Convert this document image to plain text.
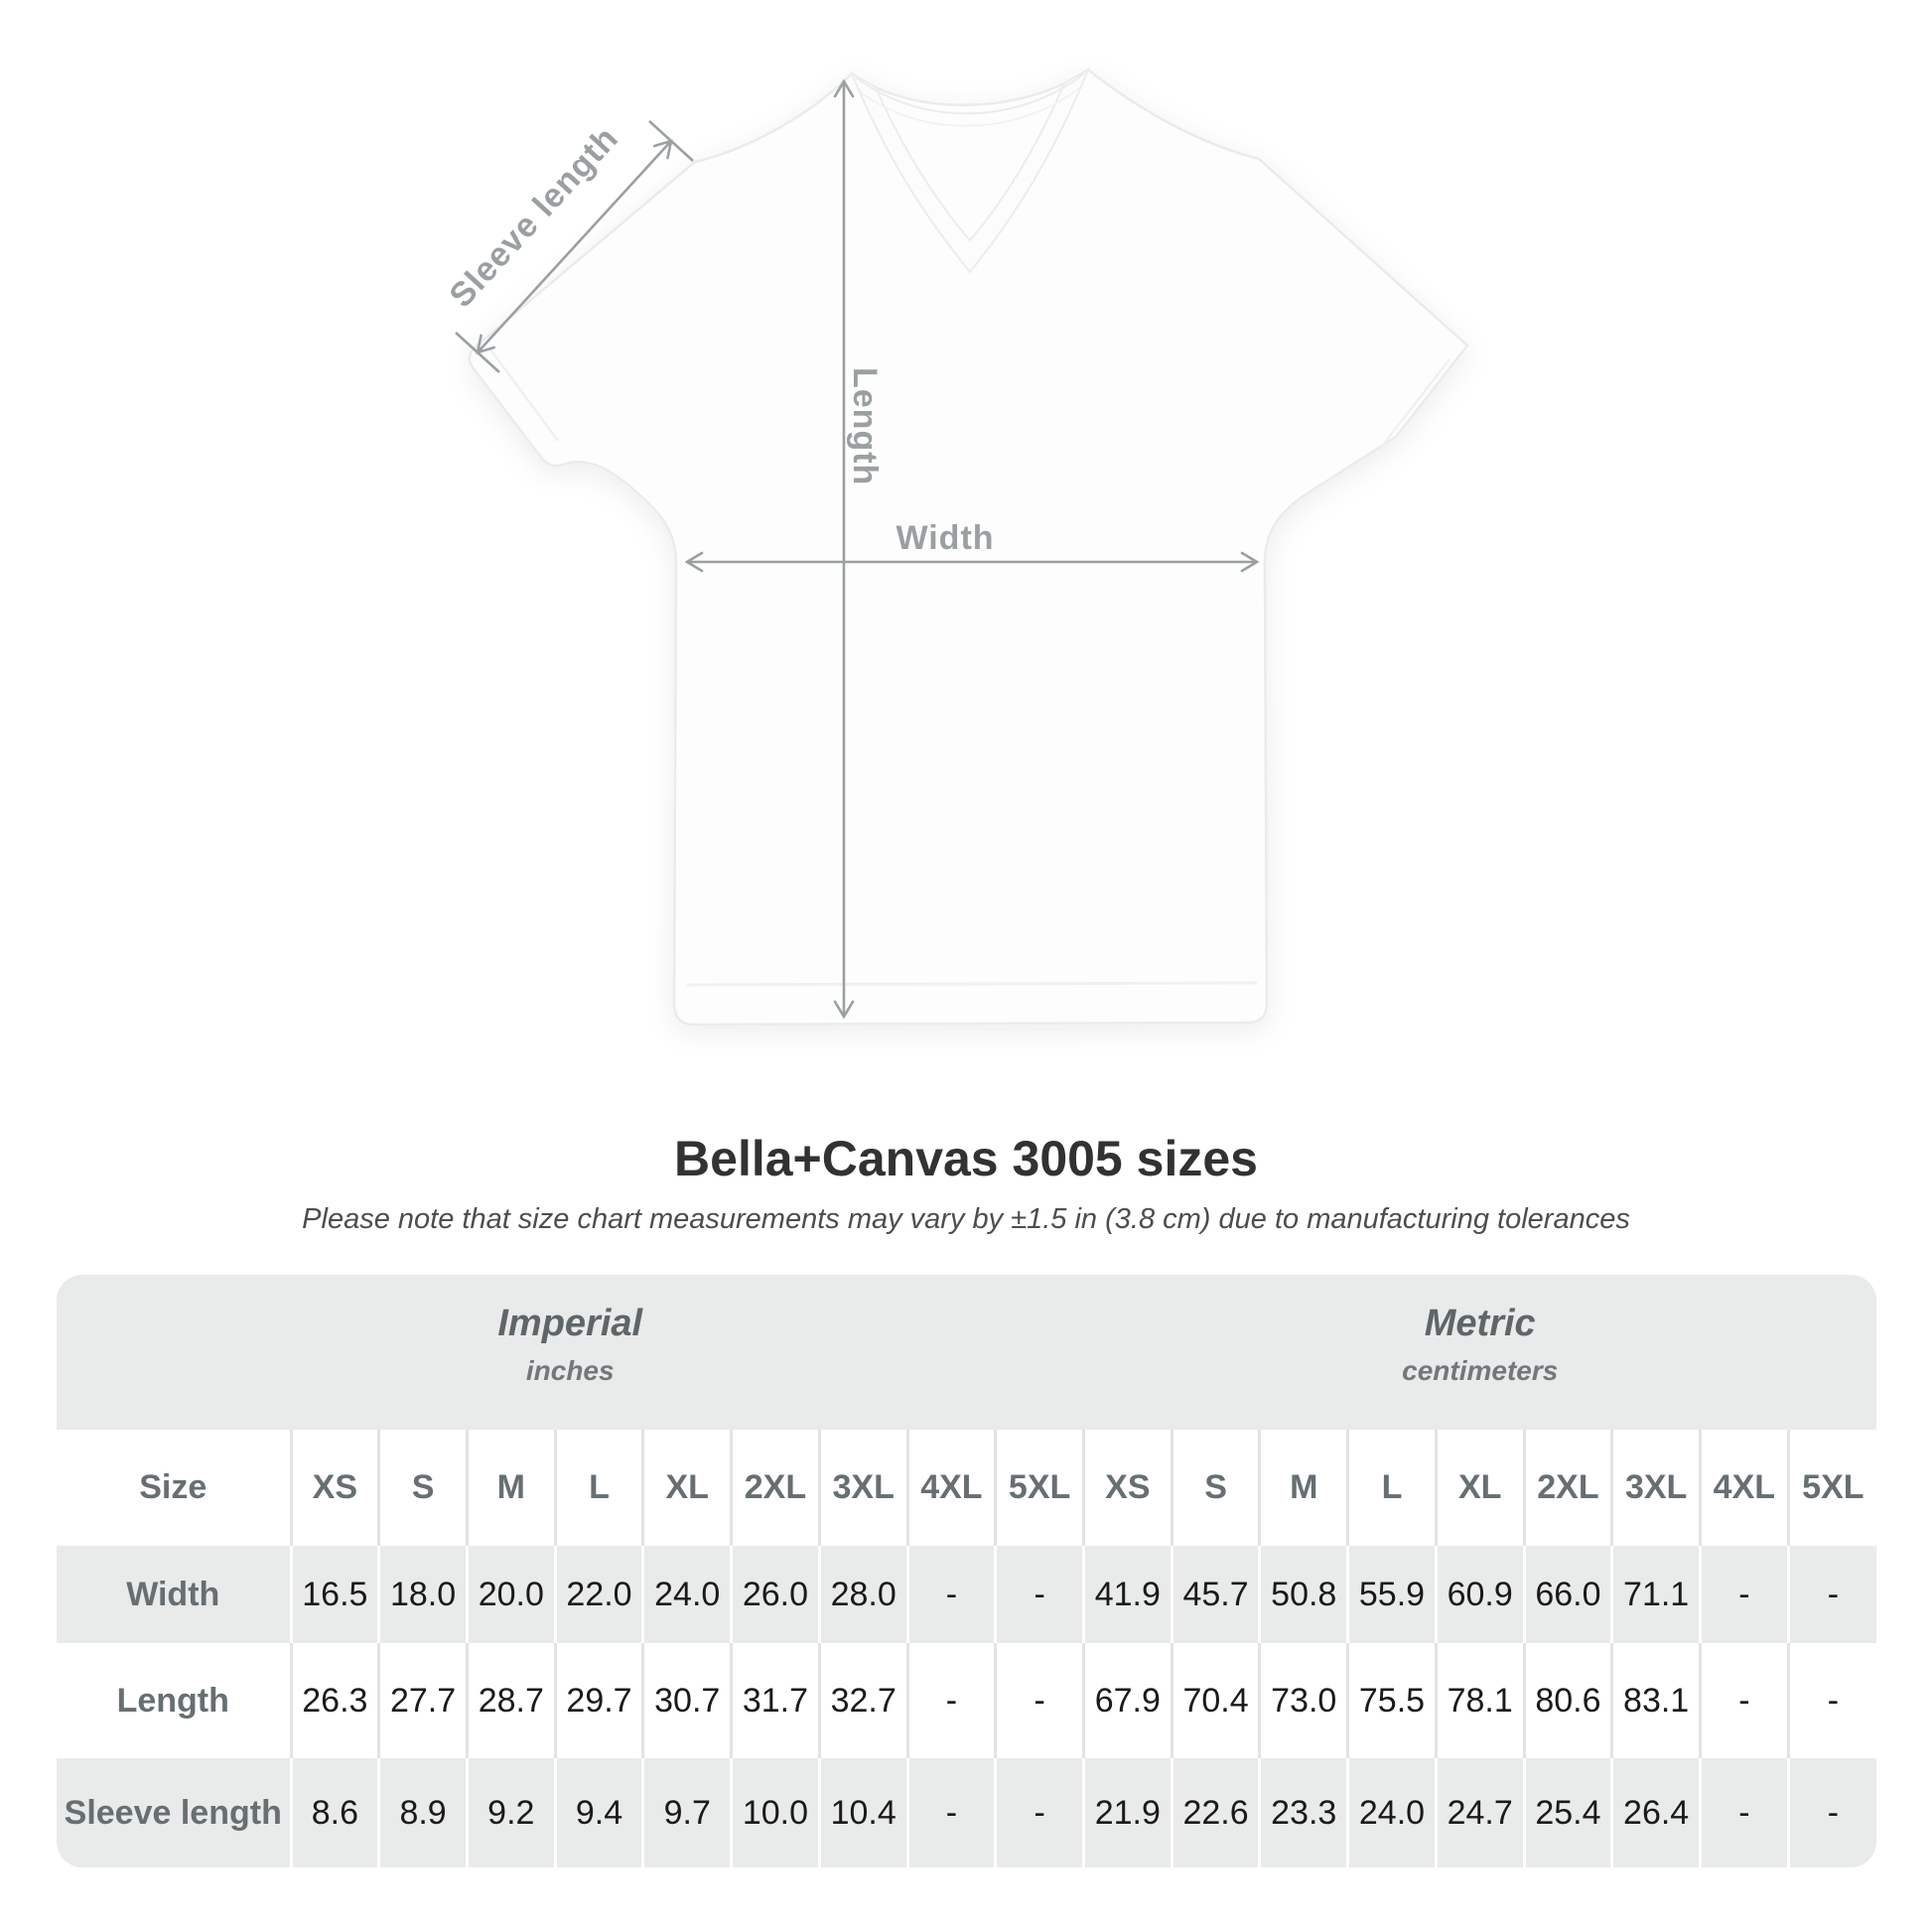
Sleeve length
Length
Width
Bella+Canvas 3005 sizes
Please note that size chart measurements may vary by ±1.5 in (3.8 cm) due to manufacturing tolerances
Imperial
inches

Metric
centimeters

Size	XS	S	M	L	XL	2XL	3XL	4XL	5XL	XS	S	M	L	XL	2XL	3XL	4XL	5XL
Width	16.5	18.0	20.0	22.0	24.0	26.0	28.0	-	-	41.9	45.7	50.8	55.9	60.9	66.0	71.1	-	-
Length	26.3	27.7	28.7	29.7	30.7	31.7	32.7	-	-	67.9	70.4	73.0	75.5	78.1	80.6	83.1	-	-
Sleeve length	8.6	8.9	9.2	9.4	9.7	10.0	10.4	-	-	21.9	22.6	23.3	24.0	24.7	25.4	26.4	-	-
